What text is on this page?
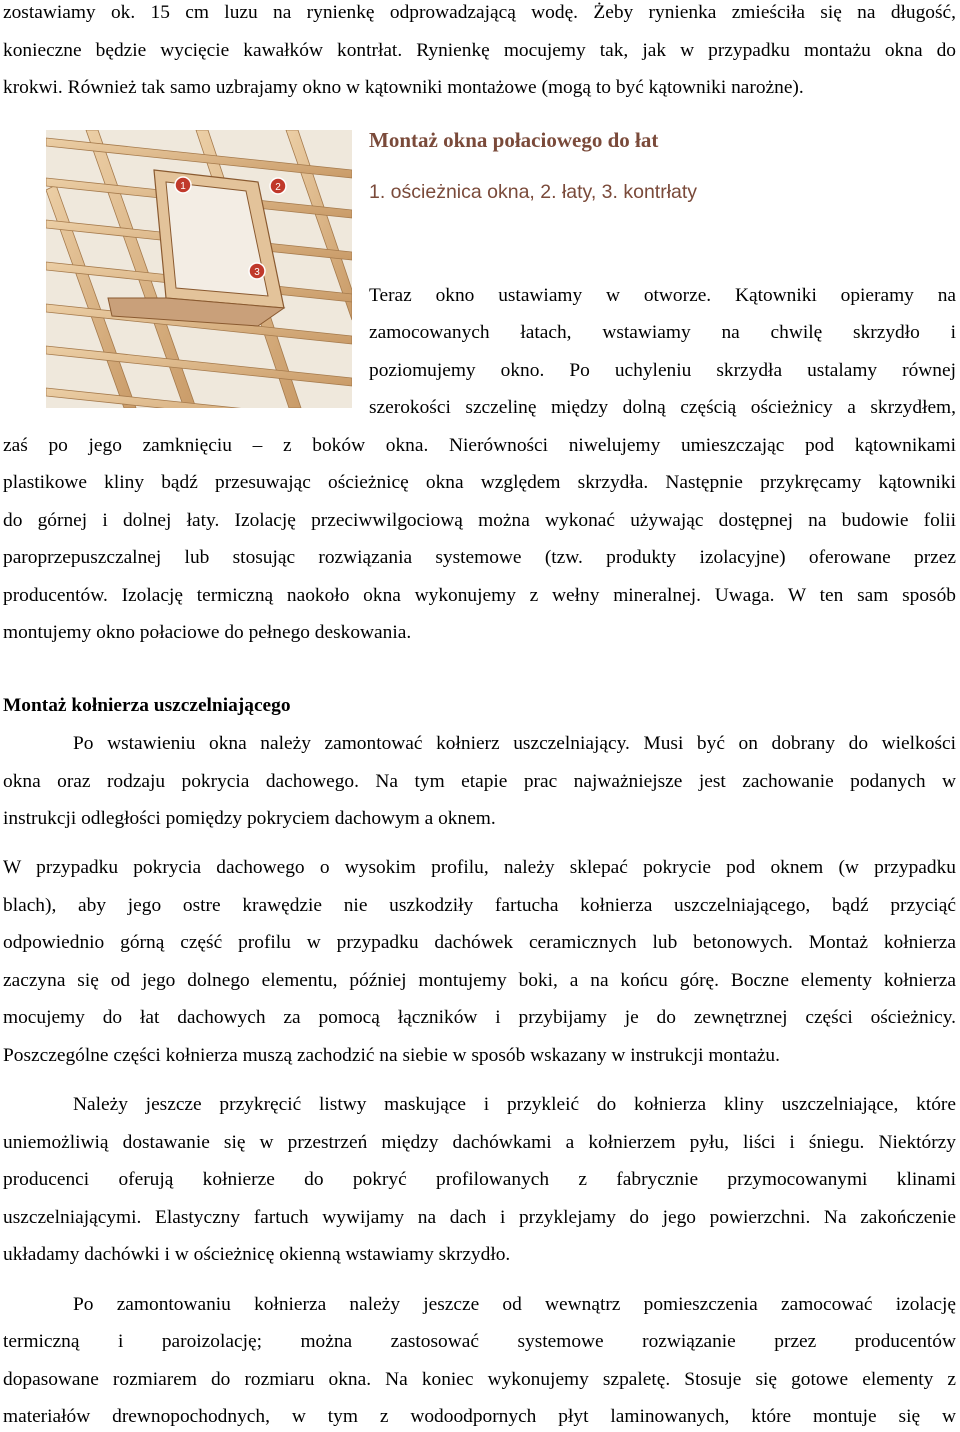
zostawiamy ok. 15 cm luzu na rynienkę odprowadzającą wodę. Żeby rynienka zmieściła się na długość,
konieczne będzie wycięcie kawałków kontrłat. Rynienkę mocujemy tak, jak w przypadku montażu okna do
krokwi. Również tak samo uzbrajamy okno w kątowniki montażowe (mogą to być kątowniki narożne).
1	2
3
Montaż okna połaciowego do łat
1. ościeżnica okna, 2. łaty, 3. kontrłaty
Teraz okno ustawiamy w otworze. Kątowniki opieramy na
zamocowanych łatach, wstawiamy na chwilę skrzydło i
poziomujemy okno. Po uchyleniu skrzydła ustalamy równej
szerokości szczelinę między dolną częścią ościeżnicy a skrzydłem,
zaś po jego zamknięciu – z boków okna. Nierówności niwelujemy umieszczając pod kątownikami
plastikowe kliny bądź przesuwając ościeżnicę okna względem skrzydła. Następnie przykręcamy kątowniki
do górnej i dolnej łaty. Izolację przeciwwilgociową można wykonać używając dostępnej na budowie folii
paroprzepuszczalnej lub stosując rozwiązania systemowe (tzw. produkty izolacyjne) oferowane przez
producentów. Izolację termiczną naokoło okna wykonujemy z wełny mineralnej. Uwaga. W ten sam sposób
montujemy okno połaciowe do pełnego deskowania.
Montaż kołnierza uszczelniającego
Po wstawieniu okna należy zamontować kołnierz uszczelniający. Musi być on dobrany do wielkości
okna oraz rodzaju pokrycia dachowego. Na tym etapie prac najważniejsze jest zachowanie podanych w
instrukcji odległości pomiędzy pokryciem dachowym a oknem.
W przypadku pokrycia dachowego o wysokim profilu, należy sklepać pokrycie pod oknem (w przypadku
blach), aby jego ostre krawędzie nie uszkodziły fartucha kołnierza uszczelniającego, bądź przyciąć
odpowiednio górną część profilu w przypadku dachówek ceramicznych lub betonowych. Montaż kołnierza
zaczyna się od jego dolnego elementu, później montujemy boki, a na końcu górę. Boczne elementy kołnierza
mocujemy do łat dachowych za pomocą łączników i przybijamy je do zewnętrznej części ościeżnicy.
Poszczególne części kołnierza muszą zachodzić na siebie w sposób wskazany w instrukcji montażu.
Należy jeszcze przykręcić listwy maskujące i przykleić do kołnierza kliny uszczelniające, które
uniemożliwią dostawanie się w przestrzeń między dachówkami a kołnierzem pyłu, liści i śniegu. Niektórzy
producenci oferują kołnierze do pokryć profilowanych z fabrycznie przymocowanymi klinami
uszczelniającymi. Elastyczny fartuch wywijamy na dach i przyklejamy do jego powierzchni. Na zakończenie
układamy dachówki i w ościeżnicę okienną wstawiamy skrzydło.
Po zamontowaniu kołnierza należy jeszcze od wewnątrz pomieszczenia zamocować izolację
termiczną i paroizolację; można zastosować systemowe rozwiązanie przez producentów
dopasowane rozmiarem do rozmiaru okna. Na koniec wykonujemy szpaletę. Stosuje się gotowe elementy z
materiałów drewnopochodnych, w tym z wodoodpornych płyt laminowanych, które montuje się w
